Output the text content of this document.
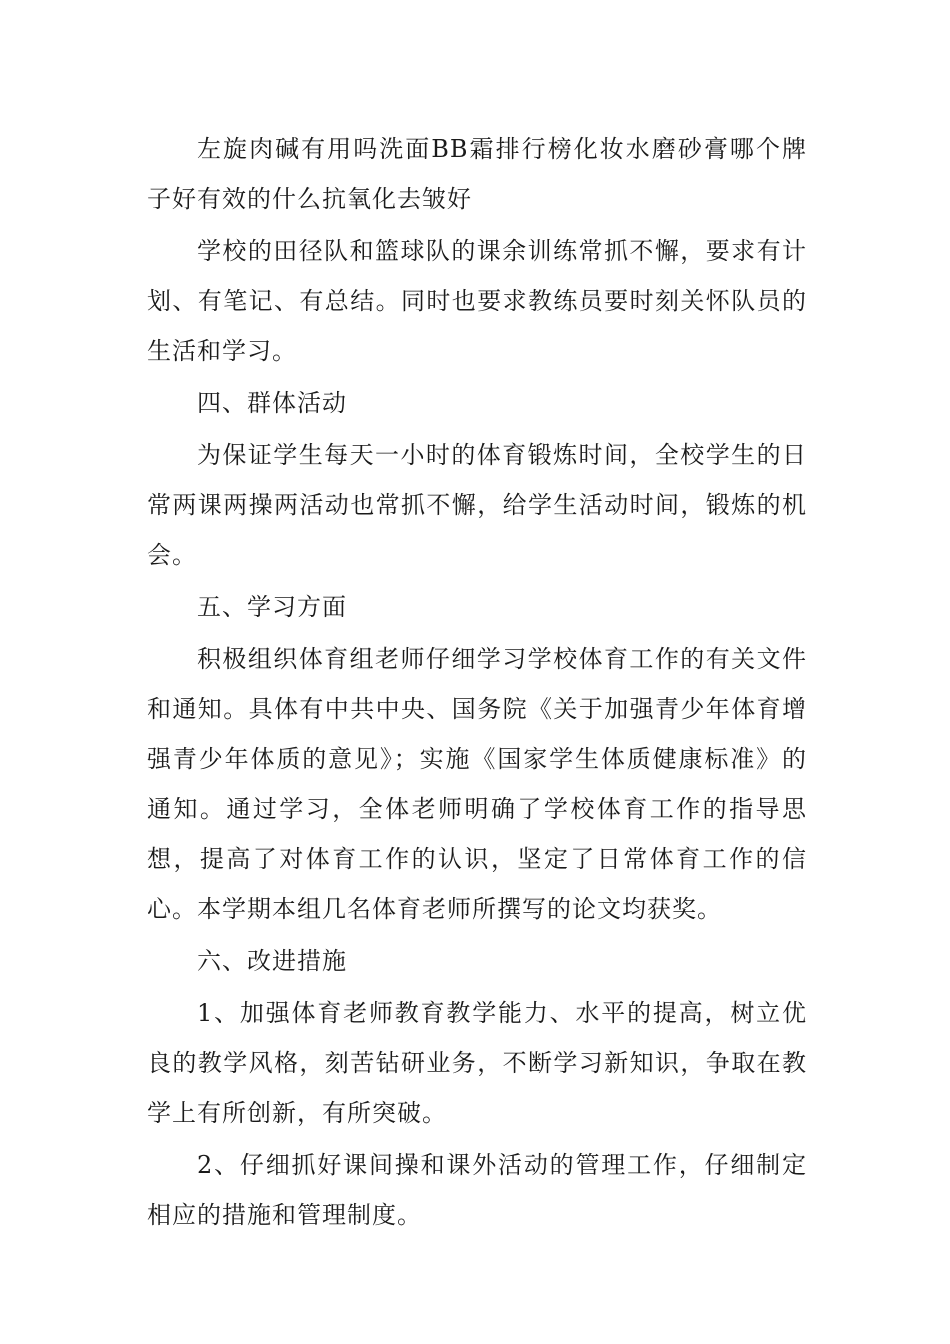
左旋肉碱有用吗洗面BB霜排行榜化妆水磨砂膏哪个牌子好有效的什么抗氧化去皱好

学校的田径队和篮球队的课余训练常抓不懈，要求有计划、有笔记、有总结。同时也要求教练员要时刻关怀队员的生活和学习。

四、群体活动

为保证学生每天一小时的体育锻炼时间，全校学生的日常两课两操两活动也常抓不懈，给学生活动时间，锻炼的机会。

五、学习方面

积极组织体育组老师仔细学习学校体育工作的有关文件和通知。具体有中共中央、国务院《关于加强青少年体育增强青少年体质的意见》；实施《国家学生体质健康标准》的通知。通过学习，全体老师明确了学校体育工作的指导思想，提高了对体育工作的认识，坚定了日常体育工作的信心。本学期本组几名体育老师所撰写的论文均获奖。

六、改进措施

1、加强体育老师教育教学能力、水平的提高，树立优良的教学风格，刻苦钻研业务，不断学习新知识，争取在教学上有所创新，有所突破。

2、仔细抓好课间操和课外活动的管理工作，仔细制定相应的措施和管理制度。
